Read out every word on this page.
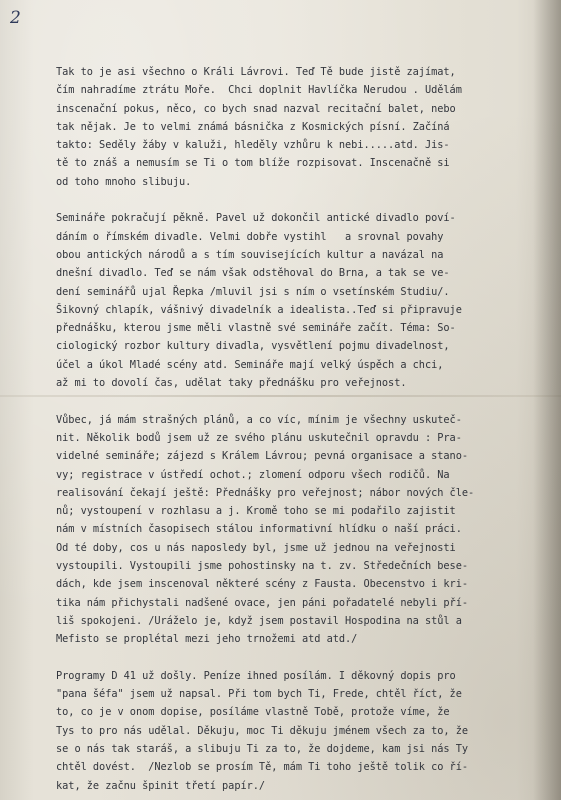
2
Tak to je asi všechno o Králi Lávrovi. Teď Tě bude jistě zajímat,
čím nahradíme ztrátu Moře.  Chci doplnit Havlíčka Nerudou . Udělám
inscenační pokus, něco, co bych snad nazval recitační balet, nebo
tak nějak. Je to velmi známá básnička z Kosmických písní. Začíná
takto: Seděly žáby v kaluži, hleděly vzhůru k nebi.....atd. Jis-
tě to znáš a nemusím se Ti o tom blíže rozpisovat. Inscenačně si
od toho mnoho slibuju.
Semináře pokračují pěkně. Pavel už dokončil antické divadlo poví-
dáním o římském divadle. Velmi dobře vystihl   a srovnal povahy
obou antických národů a s tím souvisejících kultur a navázal na
dnešní divadlo. Teď se nám však odstěhoval do Brna, a tak se ve-
dení seminářů ujal Řepka /mluvil jsi s ním o vsetínském Studiu/.
Šikovný chlapík, vášnivý divadelník a idealista..Teď si připravuje
přednášku, kterou jsme měli vlastně své semináře začít. Téma: So-
ciologický rozbor kultury divadla, vysvětlení pojmu divadelnost,
účel a úkol Mladé scény atd. Semináře mají velký úspěch a chci,
až mi to dovolí čas, udělat taky přednášku pro veřejnost.
Vůbec, já mám strašných plánů, a co víc, mínim je všechny uskuteč-
nit. Několik bodů jsem už ze svého plánu uskutečnil opravdu : Pra-
videlné semináře; zájezd s Králem Lávrou; pevná organisace a stano-
vy; registrace v ústředí ochot.; zlomení odporu všech rodičů. Na
realisování čekají ještě: Přednášky pro veřejnost; nábor nových čle-
nů; vystoupení v rozhlasu a j. Kromě toho se mi podařilo zajistit
nám v místních časopisech stálou informativní hlídku o naší práci.
Od té doby, cos u nás naposledy byl, jsme už jednou na veřejnosti
vystoupili. Vystoupili jsme pohostinsky na t. zv. Středečních bese-
dách, kde jsem inscenoval některé scény z Fausta. Obecenstvo i kri-
tika nám přichystali nadšené ovace, jen páni pořadatelé nebyli pří-
liš spokojeni. /Uráželo je, když jsem postavil Hospodina na stůl a
Mefisto se proplétal mezi jeho trnožemi atd atd./
Programy D 41 už došly. Peníze ihned posílám. I děkovný dopis pro
"pana šéfa" jsem už napsal. Při tom bych Ti, Frede, chtěl říct, že
to, co je v onom dopise, posíláme vlastně Tobě, protože víme, že
Tys to pro nás udělal. Děkuju, moc Ti děkuju jménem všech za to, že
se o nás tak staráš, a slibuju Ti za to, že dojdeme, kam jsi nás Ty
chtěl dovést.  /Nezlob se prosím Tě, mám Ti toho ještě tolik co ří-
kat, že začnu špinit třetí papír./
